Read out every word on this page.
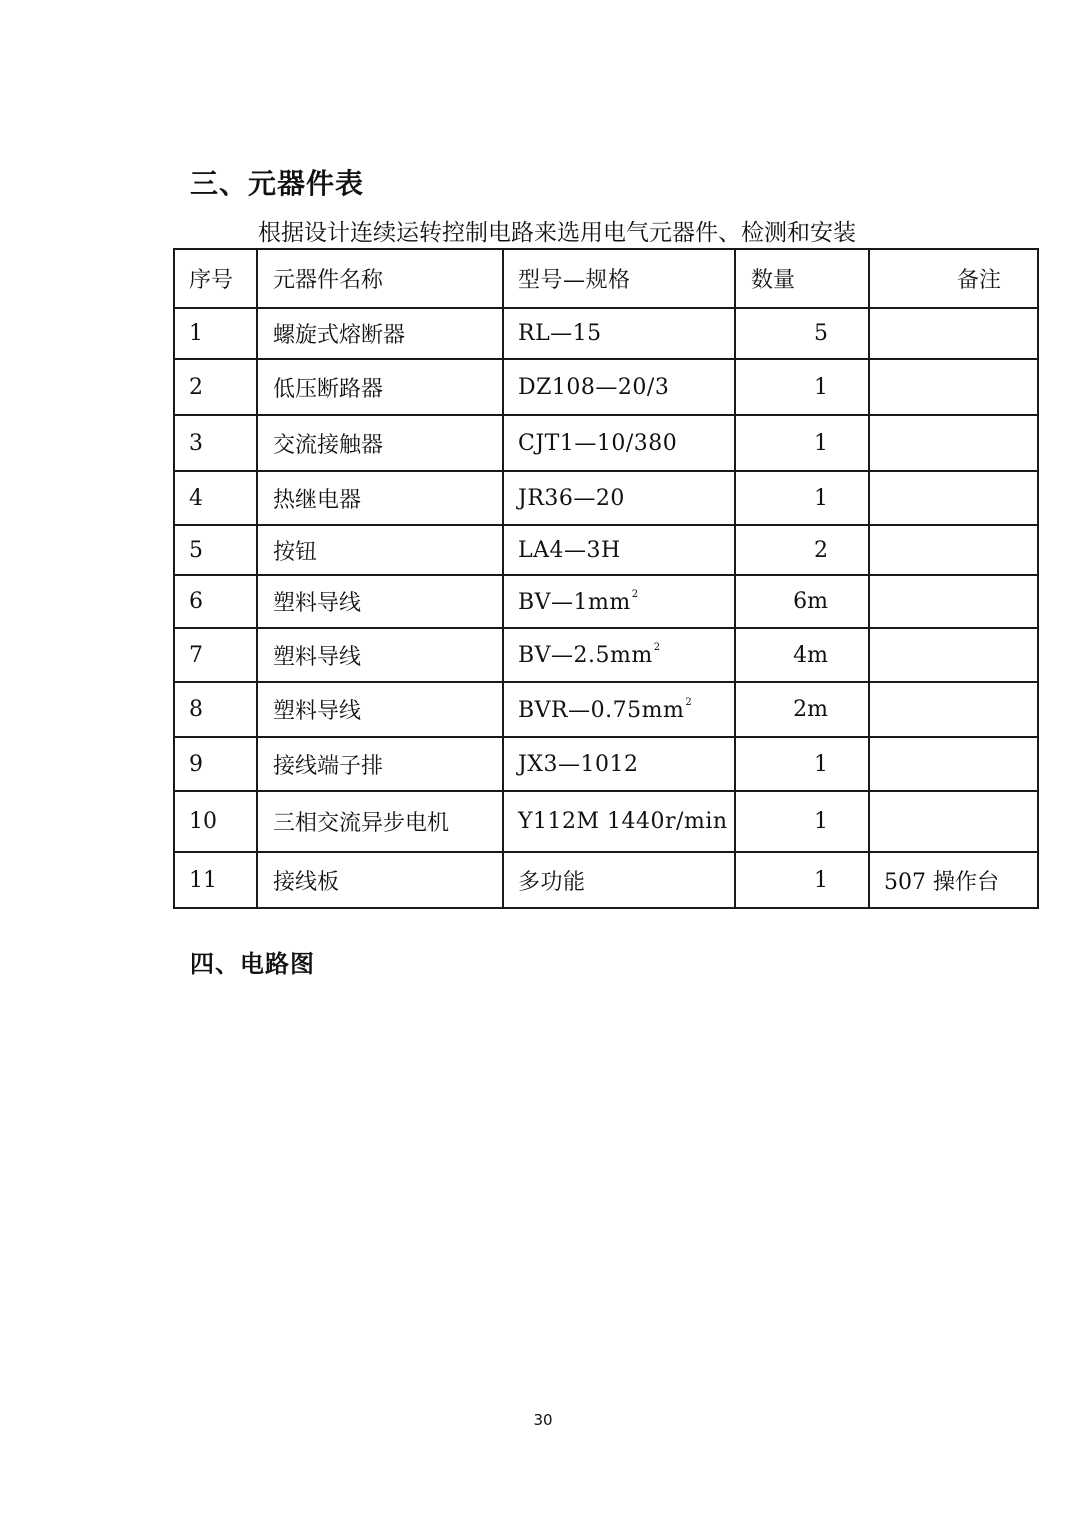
三、元器件表
根据设计连续运转控制电路来选用电气元器件、检测和安装
序号	元器件名称	型号—规格	数量	备注
1	螺旋式熔断器	RL—15	5	
2	低压断路器	DZ108—20/3	1	
3	交流接触器	CJT1—10/380	1	
4	热继电器	JR36—20	1	
5	按钮	LA4—3H	2	
6	塑料导线	$BV—1mm^2$	6m	
7	塑料导线	$BV—2.5mm^2$	4m	
8	塑料导线	$BVR—0.75mm^2$	2m	
9	接线端子排	JX3—1012	1	
10	三相交流异步电机	Y112M 1440r/min	1	
11	接线板	多功能	1	507 操作台
四、电路图
30
